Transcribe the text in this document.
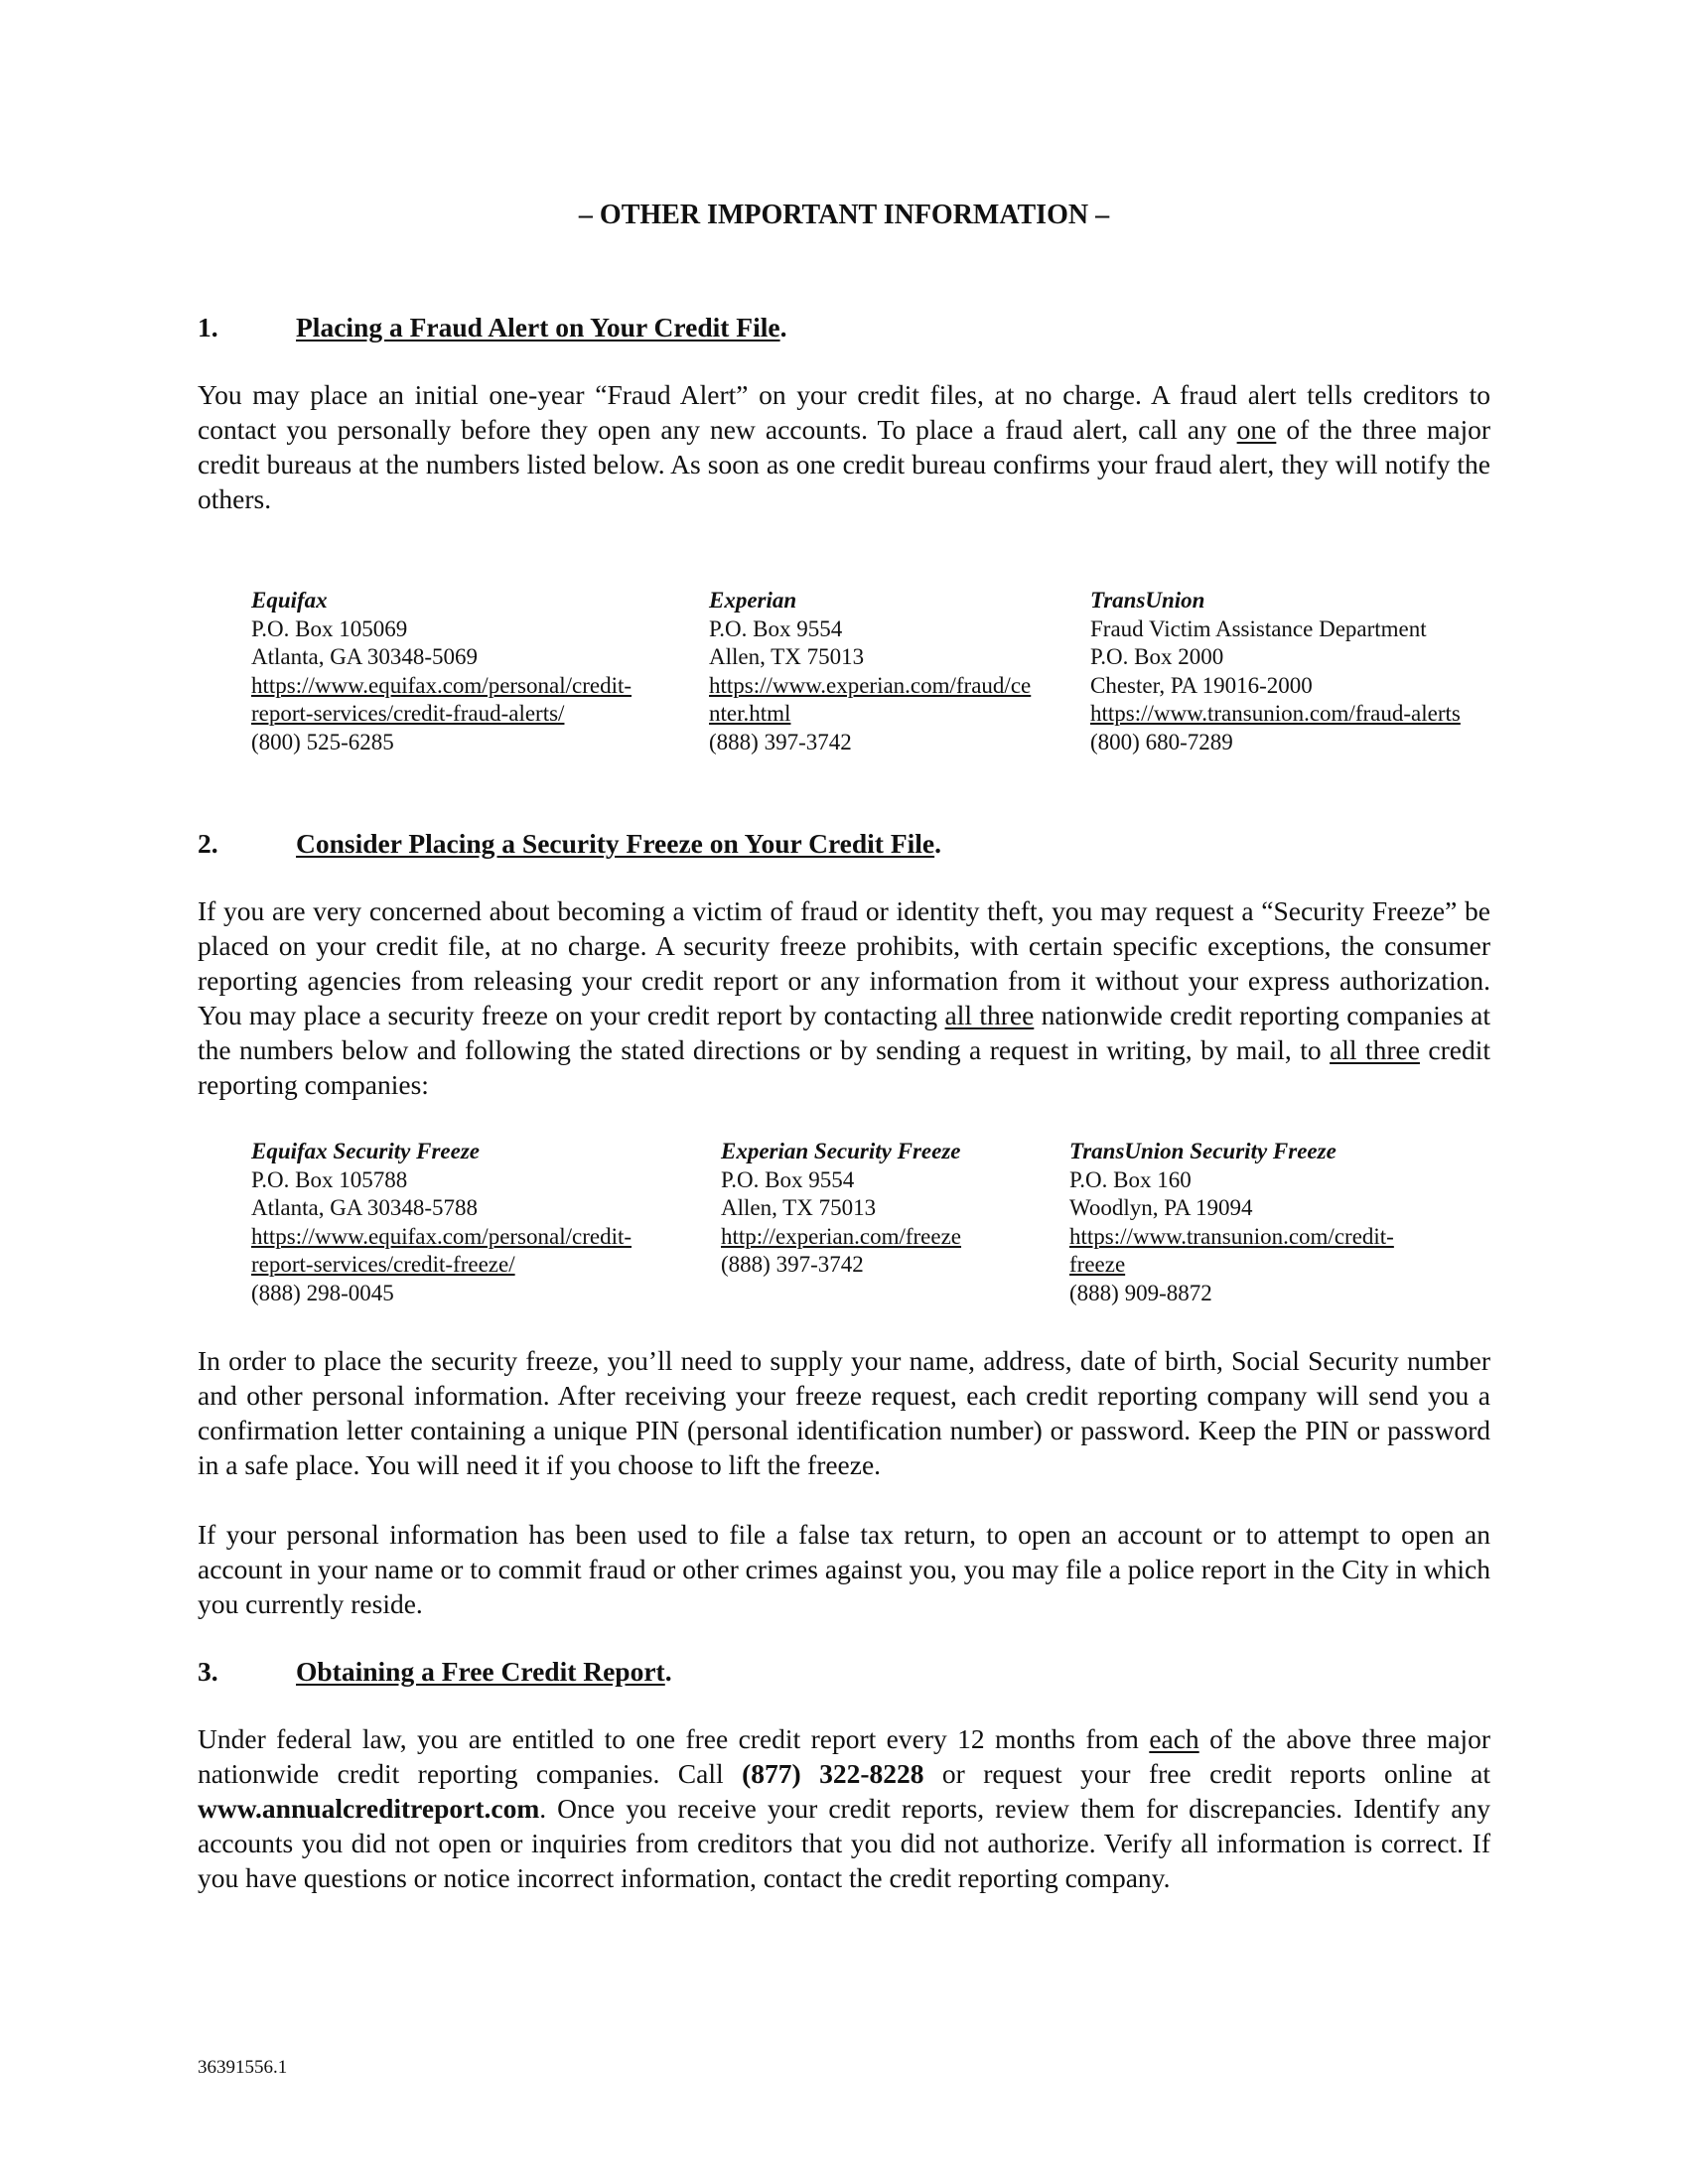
– OTHER IMPORTANT INFORMATION –
1.	Placing a Fraud Alert on Your Credit File.

You may place an initial one-year “Fraud Alert” on your credit files, at no charge. A fraud alert tells creditors to contact you personally before they open any new accounts. To place a fraud alert, call any one of the three major credit bureaus at the numbers listed below. As soon as one credit bureau confirms your fraud alert, they will notify the others.

Equifax
P.O. Box 105069
Atlanta, GA 30348-5069
https://www.equifax.com/personal/credit-
report-services/credit-fraud-alerts/
(800) 525-6285
Experian
P.O. Box 9554
Allen, TX 75013
https://www.experian.com/fraud/ce
nter.html
(888) 397-3742
TransUnion
Fraud Victim Assistance Department
P.O. Box 2000
Chester, PA 19016-2000
https://www.transunion.com/fraud-alerts
(800) 680-7289
2.	Consider Placing a Security Freeze on Your Credit File.

If you are very concerned about becoming a victim of fraud or identity theft, you may request a “Security Freeze” be placed on your credit file, at no charge. A security freeze prohibits, with certain specific exceptions, the consumer reporting agencies from releasing your credit report or any information from it without your express authorization. You may place a security freeze on your credit report by contacting all three nationwide credit reporting companies at the numbers below and following the stated directions or by sending a request in writing, by mail, to all three credit reporting companies:

Equifax Security Freeze
P.O. Box 105788
Atlanta, GA 30348-5788
https://www.equifax.com/personal/credit-
report-services/credit-freeze/
(888) 298-0045
Experian Security Freeze
P.O. Box 9554
Allen, TX 75013
http://experian.com/freeze
(888) 397-3742
TransUnion Security Freeze
P.O. Box 160
Woodlyn, PA 19094
https://www.transunion.com/credit-
freeze
(888) 909-8872

In order to place the security freeze, you’ll need to supply your name, address, date of birth, Social Security number and other personal information. After receiving your freeze request, each credit reporting company will send you a confirmation letter containing a unique PIN (personal identification number) or password. Keep the PIN or password in a safe place. You will need it if you choose to lift the freeze.

If your personal information has been used to file a false tax return, to open an account or to attempt to open an account in your name or to commit fraud or other crimes against you, you may file a police report in the City in which you currently reside.

3.	Obtaining a Free Credit Report.

Under federal law, you are entitled to one free credit report every 12 months from each of the above three major nationwide credit reporting companies. Call (877) 322-8228 or request your free credit reports online at www.annualcreditreport.com. Once you receive your credit reports, review them for discrepancies. Identify any accounts you did not open or inquiries from creditors that you did not authorize. Verify all information is correct. If you have questions or notice incorrect information, contact the credit reporting company.

36391556.1
